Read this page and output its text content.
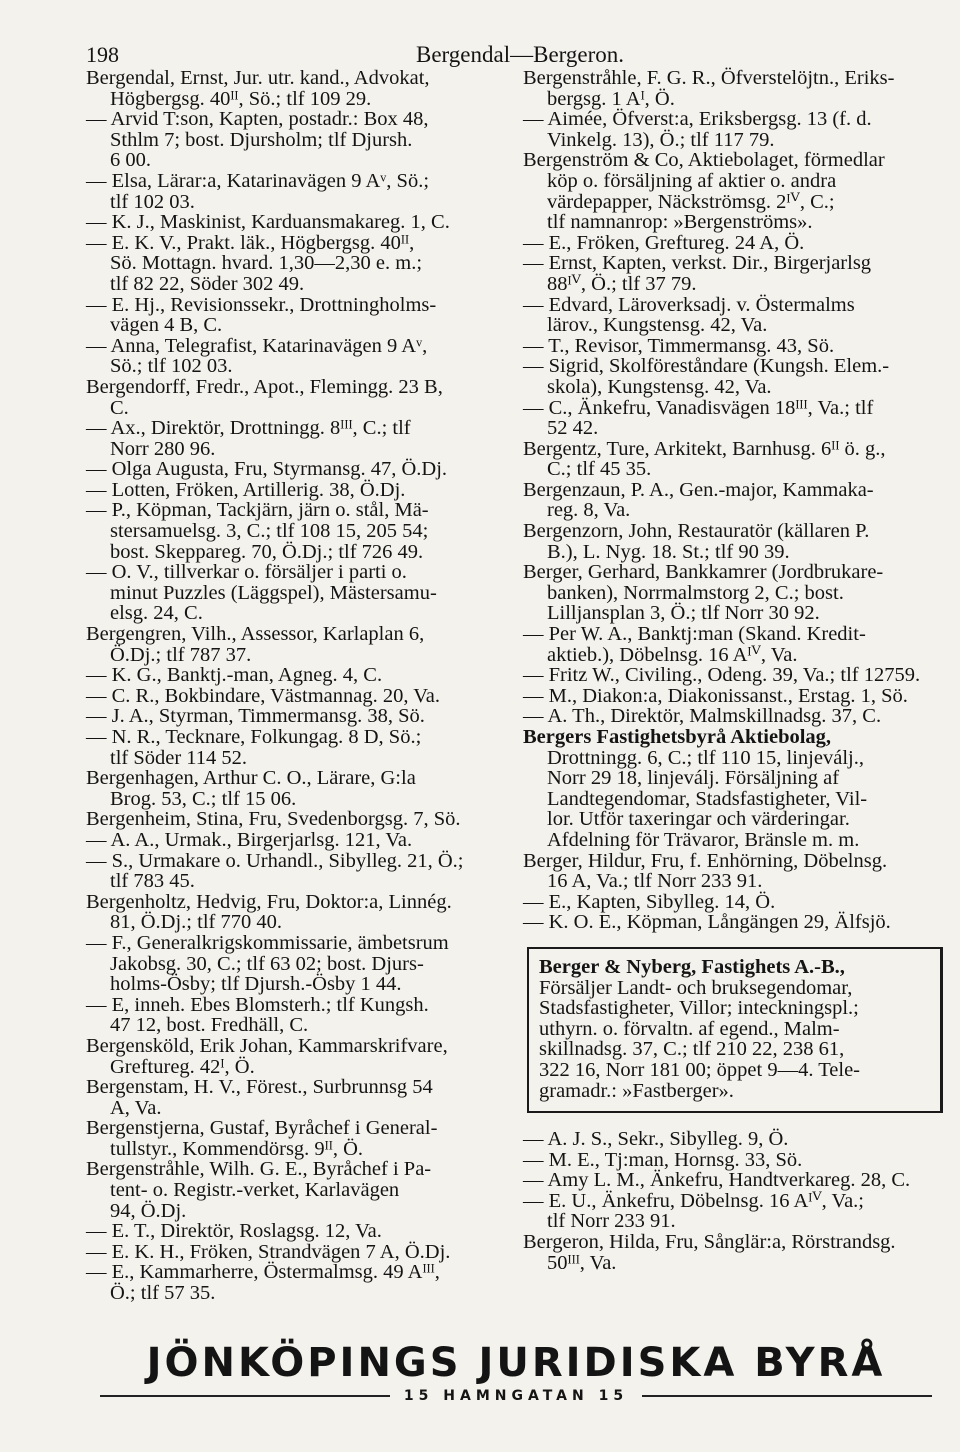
198	Bergendal—Bergeron.
Bergendal, Ernst, Jur. utr. kand., Advokat,
Högbergsg. 40ᴵᴵ, Sö.; tlf 109 29.
— Arvid T:son, Kapten, postadr.: Box 48,
Sthlm 7; bost. Djursholm; tlf Djursh.
6 00.
— Elsa, Lärar:a, Katarinavägen 9 Aᵛ, Sö.;
tlf 102 03.
— K. J., Maskinist, Karduansmakareg. 1, C.
— E. K. V., Prakt. läk., Högbergsg. 40ᴵᴵ,
Sö. Mottagn. hvard. 1,30—2,30 e. m.;
tlf 82 22, Söder 302 49.
— E. Hj., Revisionssekr., Drottningholms-
vägen 4 B, C.
— Anna, Telegrafist, Katarinavägen 9 Aᵛ,
Sö.; tlf 102 03.
Bergendorff, Fredr., Apot., Flemingg. 23 B,
C.
— Ax., Direktör, Drottningg. 8ᴵᴵᴵ, C.; tlf
Norr 280 96.
— Olga Augusta, Fru, Styrmansg. 47, Ö.Dj.
— Lotten, Fröken, Artillerig. 38, Ö.Dj.
— P., Köpman, Tackjärn, järn o. stål, Mä-
stersamuelsg. 3, C.; tlf 108 15, 205 54;
bost. Skeppareg. 70, Ö.Dj.; tlf 726 49.
— O. V., tillverkar o. försäljer i parti o.
minut Puzzles (Läggspel), Mästersamu-
elsg. 24, C.
Bergengren, Vilh., Assessor, Karlaplan 6,
Ö.Dj.; tlf 787 37.
— K. G., Banktj.-man, Agneg. 4, C.
— C. R., Bokbindare, Västmannag. 20, Va.
— J. A., Styrman, Timmermansg. 38, Sö.
— N. R., Tecknare, Folkungag. 8 D, Sö.;
tlf Söder 114 52.
Bergenhagen, Arthur C. O., Lärare, G:la
Brog. 53, C.; tlf 15 06.
Bergenheim, Stina, Fru, Svedenborgsg. 7, Sö.
— A. A., Urmak., Birgerjarlsg. 121, Va.
— S., Urmakare o. Urhandl., Sibylleg. 21, Ö.;
tlf 783 45.
Bergenholtz, Hedvig, Fru, Doktor:a, Linnég.
81, Ö.Dj.; tlf 770 40.
— F., Generalkrigskommissarie, ämbetsrum
Jakobsg. 30, C.; tlf 63 02; bost. Djurs-
holms-Ösby; tlf Djursh.-Ösby 1 44.
— E, inneh. Ebes Blomsterh.; tlf Kungsh.
47 12, bost. Fredhäll, C.
Bergensköld, Erik Johan, Kammarskrifvare,
Greftureg. 42ᴵ, Ö.
Bergenstam, H. V., Förest., Surbrunnsg 54
A, Va.
Bergenstjerna, Gustaf, Byråchef i General-
tullstyr., Kommendörsg. 9ᴵᴵ, Ö.
Bergenstråhle, Wilh. G. E., Byråchef i Pa-
tent- o. Registr.-verket, Karlavägen
94, Ö.Dj.
— E. T., Direktör, Roslagsg. 12, Va.
— E. K. H., Fröken, Strandvägen 7 A, Ö.Dj.
— E., Kammarherre, Östermalmsg. 49 Aᴵᴵᴵ,
Ö.; tlf 57 35.
Bergenstråhle, F. G. R., Öfverstelöjtn., Eriks-
bergsg. 1 Aᴵ, Ö.
— Aimée, Öfverst:a, Eriksbergsg. 13 (f. d.
Vinkelg. 13), Ö.; tlf 117 79.
Bergenström & Co, Aktiebolaget, förmedlar
köp o. försäljning af aktier o. andra
värdepapper, Näckströmsg. 2ᴵⱽ, C.;
tlf namnanrop: »Bergenströms».
— E., Fröken, Greftureg. 24 A, Ö.
— Ernst, Kapten, verkst. Dir., Birgerjarlsg
88ᴵⱽ, Ö.; tlf 37 79.
— Edvard, Läroverksadj. v. Östermalms
lärov., Kungstensg. 42, Va.
— T., Revisor, Timmermansg. 43, Sö.
— Sigrid, Skolföreståndare (Kungsh. Elem.-
skola), Kungstensg. 42, Va.
— C., Änkefru, Vanadisvägen 18ᴵᴵᴵ, Va.; tlf
52 42.
Bergentz, Ture, Arkitekt, Barnhusg. 6ᴵᴵ ö. g.,
C.; tlf 45 35.
Bergenzaun, P. A., Gen.-major, Kammaka-
reg. 8, Va.
Bergenzorn, John, Restauratör (källaren P.
B.), L. Nyg. 18. St.; tlf 90 39.
Berger, Gerhard, Bankkamrer (Jordbrukare-
banken), Norrmalmstorg 2, C.; bost.
Lilljansplan 3, Ö.; tlf Norr 30 92.
— Per W. A., Banktj:man (Skand. Kredit-
aktieb.), Döbelnsg. 16 Aᴵⱽ, Va.
— Fritz W., Civiling., Odeng. 39, Va.; tlf 12759.
— M., Diakon:a, Diakonissanst., Erstag. 1, Sö.
— A. Th., Direktör, Malmskillnadsg. 37, C.
Bergers Fastighetsbyrå Aktiebolag,
Drottningg. 6, C.; tlf 110 15, linjeválj.,
Norr 29 18, linjeválj. Försäljning af
Landtegendomar, Stadsfastigheter, Vil-
lor. Utför taxeringar och värderingar.
Afdelning för Trävaror, Bränsle m. m.
Berger, Hildur, Fru, f. Enhörning, Döbelnsg.
16 A, Va.; tlf Norr 233 91.
— E., Kapten, Sibylleg. 14, Ö.
— K. O. E., Köpman, Långängen 29, Älfsjö.
Berger & Nyberg, Fastighets A.-B.,
Försäljer Landt- och bruksegendomar,
Stadsfastigheter, Villor; inteckningspl.;
uthyrn. o. förvaltn. af egend., Malm-
skillnadsg. 37, C.; tlf 210 22, 238 61,
322 16, Norr 181 00; öppet 9—4. Tele-
gramadr.: »Fastberger».
— A. J. S., Sekr., Sibylleg. 9, Ö.
— M. E., Tj:man, Hornsg. 33, Sö.
— Amy L. M., Änkefru, Handtverkareg. 28, C.
— E. U., Änkefru, Döbelnsg. 16 Aᴵⱽ, Va.;
tlf Norr 233 91.
Bergeron, Hilda, Fru, Sånglär:a, Rörstrandsg.
50ᴵᴵᴵ, Va.
JÖNKÖPINGS JURIDISKA BYRÅ
15 HAMNGATAN 15
